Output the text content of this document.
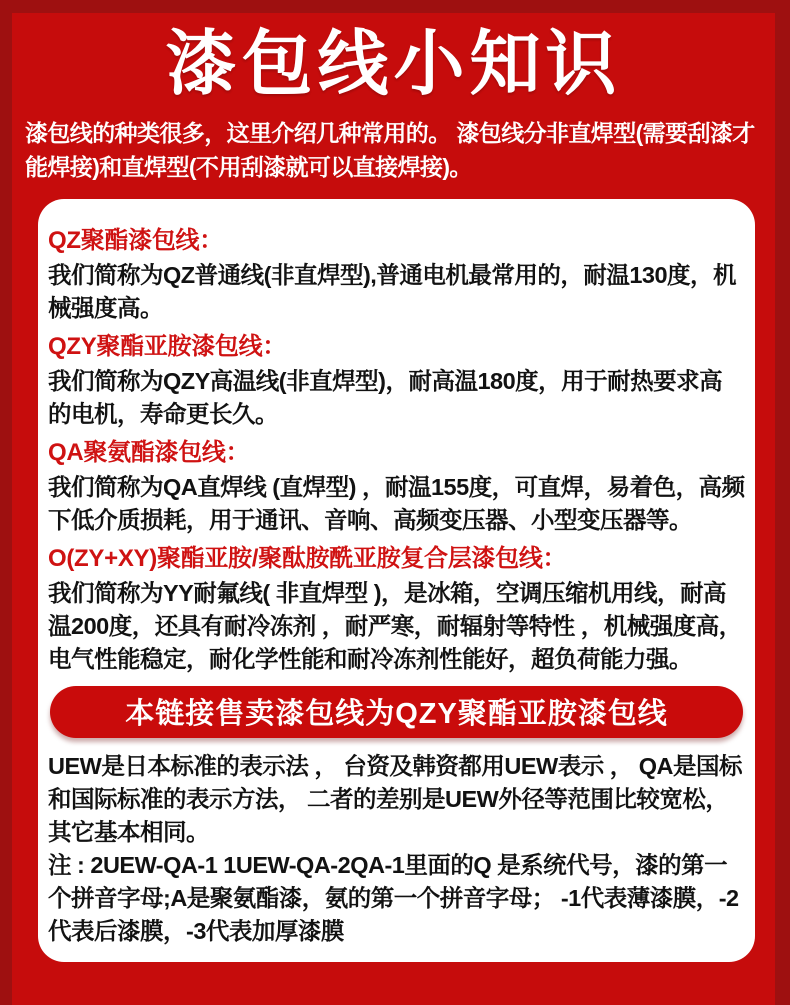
漆包线小知识

漆包线的种类很多，这里介绍几种常用的。 漆包线分非直焊型(需要刮漆才能焊接)和直焊型(不用刮漆就可以直接焊接)。

QZ聚酯漆包线：

我们简称为QZ普通线(非直焊型),普通电机最常用的，耐温130度，机械强度高。

QZY聚酯亚胺漆包线：

我们简称为QZY高温线(非直焊型)，耐高温180度，用于耐热要求高的电机，寿命更长久。

QA聚氨酯漆包线：

我们简称为QA直焊线 (直焊型) ，耐温155度，可直焊，易着色，高频下低介质损耗，用于通讯、音响、高频变压器、小型变压器等。

O(ZY+XY)聚酯亚胺/聚酞胺酰亚胺复合层漆包线：

我们简称为YY耐氟线( 非直焊型 )，是冰箱，空调压缩机用线，耐高温200度，还具有耐冷冻剂 ，耐严寒，耐辐射等特性 ，机械强度高，电气性能稳定，耐化学性能和耐冷冻剂性能好，超负荷能力强。

本链接售卖漆包线为QZY聚酯亚胺漆包线

UEW是日本标准的表示法 ， 台资及韩资都用UEW表示 ， QA是国标和国际标准的表示方法， 二者的差别是UEW外径等范围比较宽松，其它基本相同。

注 : 2UEW-QA-1 1UEW-QA-2QA-1里面的Q 是系统代号，漆的第一个拼音字母;A是聚氨酯漆，氨的第一个拼音字母； -1代表薄漆膜，-2代表后漆膜，-3代表加厚漆膜
